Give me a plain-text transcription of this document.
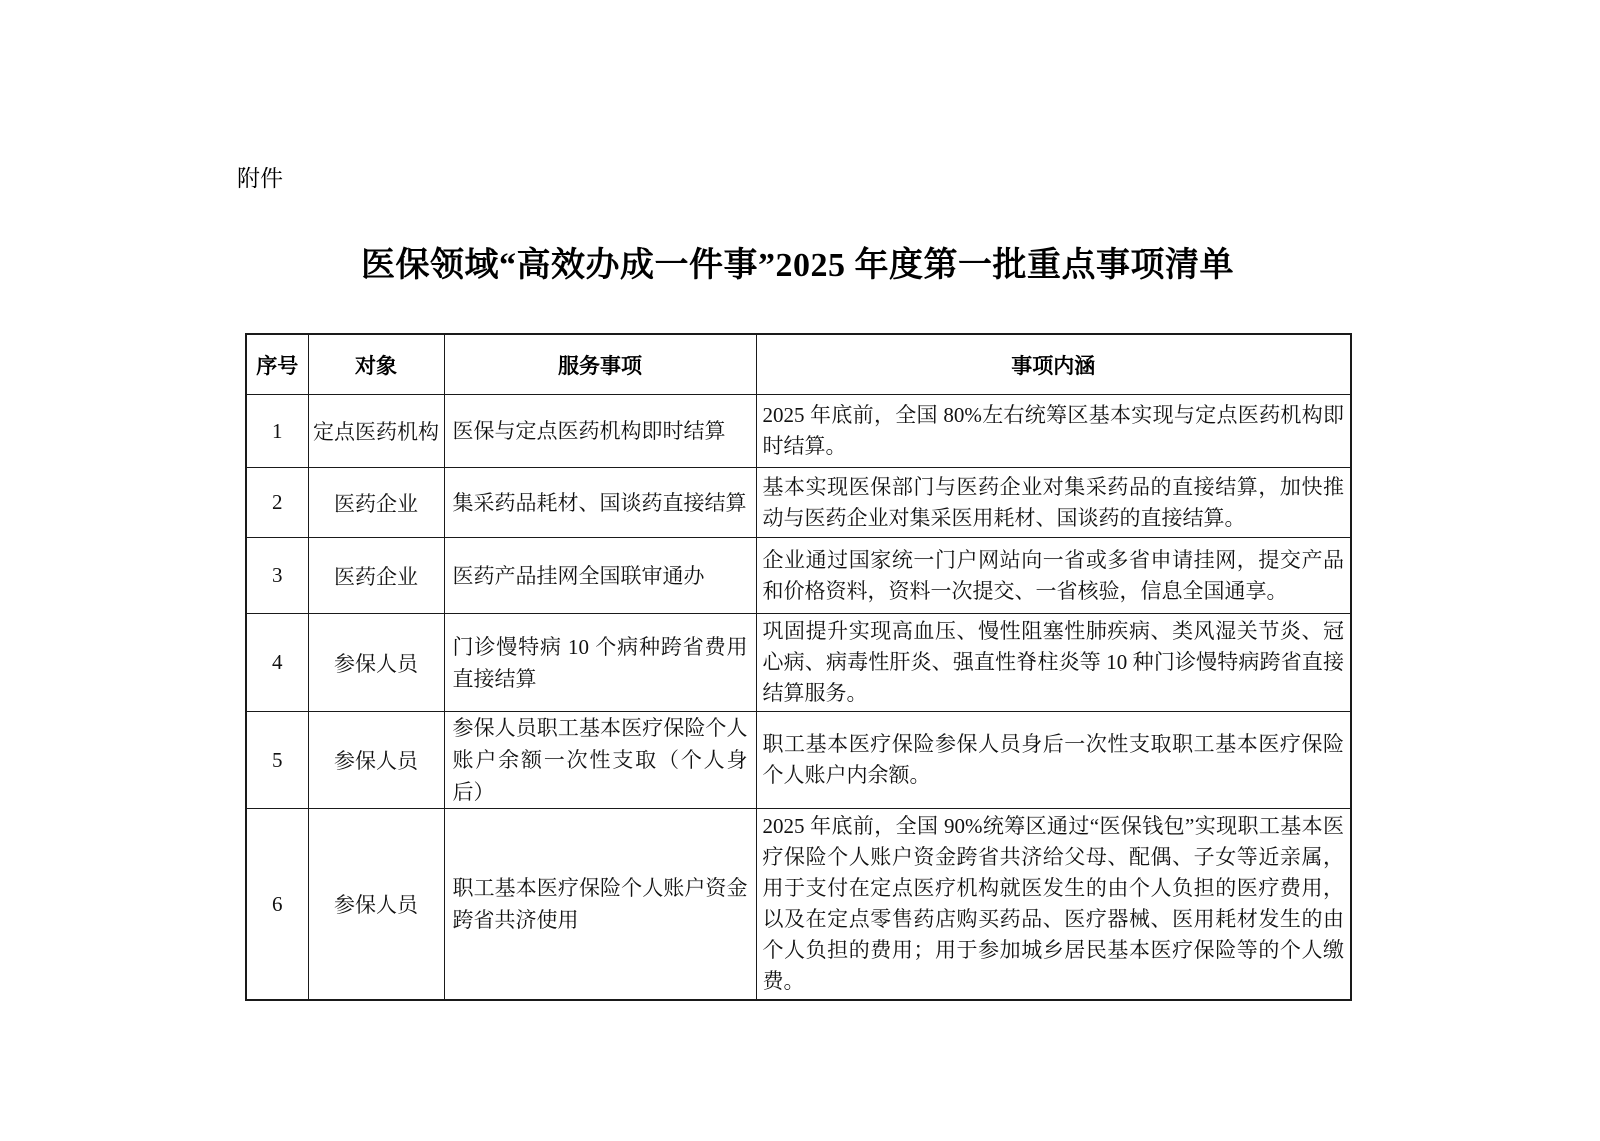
附件
医保领域“高效办成一件事”2025 年度第一批重点事项清单
序号	对象	服务事项	事项内涵
1	定点医药机构	医保与定点医药机构即时结算	2025 年底前，全国 80%左右统筹区基本实现与定点医药机构即时结算。
2	医药企业	集采药品耗材、国谈药直接结算	基本实现医保部门与医药企业对集采药品的直接结算，加快推动与医药企业对集采医用耗材、国谈药的直接结算。
3	医药企业	医药产品挂网全国联审通办	企业通过国家统一门户网站向一省或多省申请挂网，提交产品和价格资料，资料一次提交、一省核验，信息全国通享。
4	参保人员	门诊慢特病 10 个病种跨省费用直接结算	巩固提升实现高血压、慢性阻塞性肺疾病、类风湿关节炎、冠心病、病毒性肝炎、强直性脊柱炎等 10 种门诊慢特病跨省直接结算服务。
5	参保人员	参保人员职工基本医疗保险个人账户余额一次性支取（个人身后）	职工基本医疗保险参保人员身后一次性支取职工基本医疗保险个人账户内余额。
6	参保人员	职工基本医疗保险个人账户资金跨省共济使用	2025 年底前，全国 90%统筹区通过“医保钱包”实现职工基本医疗保险个人账户资金跨省共济给父母、配偶、子女等近亲属，用于支付在定点医疗机构就医发生的由个人负担的医疗费用，以及在定点零售药店购买药品、医疗器械、医用耗材发生的由个人负担的费用；用于参加城乡居民基本医疗保险等的个人缴费。
